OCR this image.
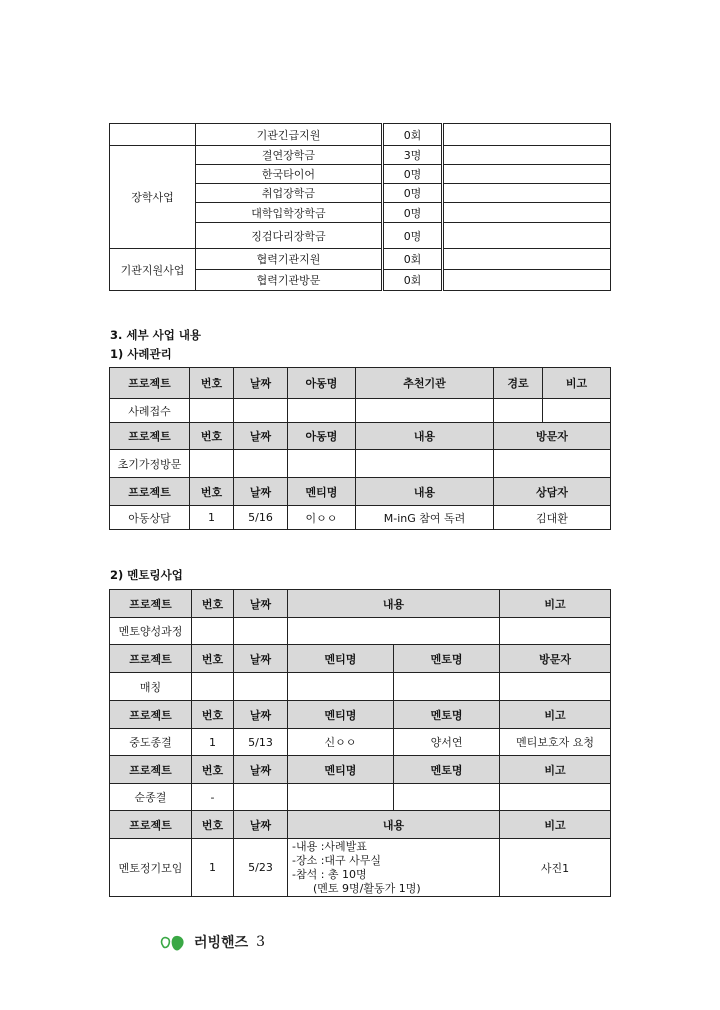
	기관긴급지원	0회	
장학사업	결연장학금	3명	
	한국타이어	0명	
	취업장학금	0명	
	대학입학장학금	0명	
	징검다리장학금	0명	
기관지원사업	협력기관지원	0회	
	협력기관방문	0회	
3. 세부 사업 내용
1) 사례관리
프로젝트	번호	날짜	아동명	추천기관	경로	비고
사례접수						
프로젝트	번호	날짜	아동명	내용	방문자	
초기가정방문						
프로젝트	번호	날짜	멘티명	내용	상담자	
아동상담	1	5/16	이ㅇㅇ	M-inG 참여 독려	김대환	
2) 멘토링사업
프로젝트	번호	날짜	내용		비고
멘토양성과정					
프로젝트	번호	날짜	멘티명	멘토명	방문자
매칭					
프로젝트	번호	날짜	멘티명	멘토명	비고
중도종결	1	5/13	신ㅇㅇ	양서연	멘티보호자 요청
프로젝트	번호	날짜	멘티명	멘토명	비고
순종결	-				
프로젝트	번호	날짜	내용		비고
멘토정기모임	1	5/23	-내용 :사례발표
-장소 :대구 사무실
-참석 : 총 10명
(멘토 9명/활동가 1명)		사진1
러빙핸즈 3
